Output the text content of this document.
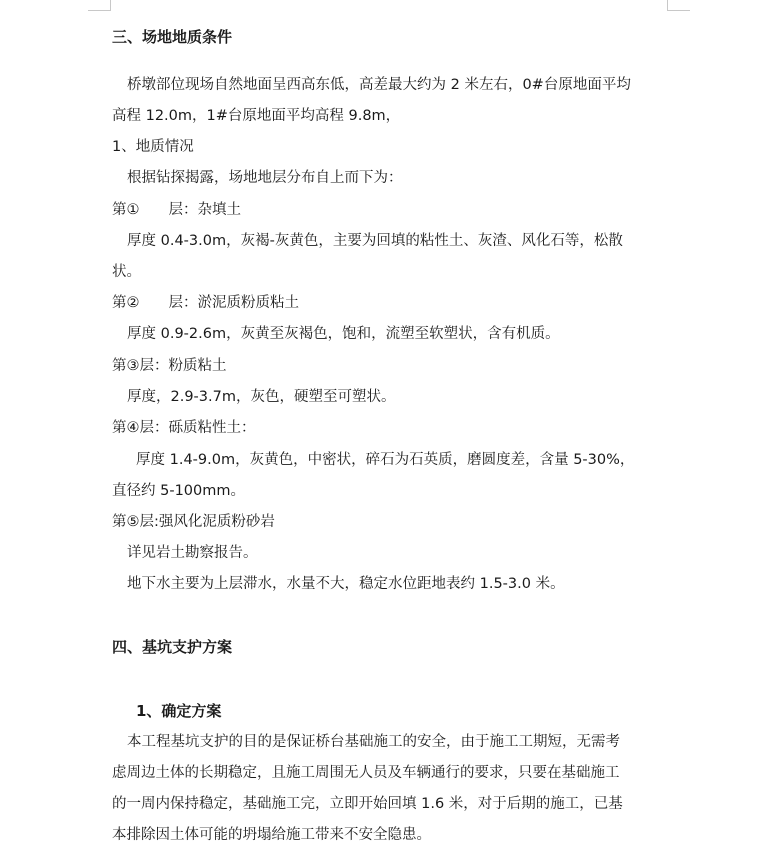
三、场地地质条件
桥墩部位现场自然地面呈西高东低，高差最大约为 2 米左右，0#台原地面平均
高程 12.0m，1#台原地面平均高程 9.8m，
1、地质情况
根据钻探揭露，场地地层分布自上而下为：
第①　　层：杂填土
厚度 0.4-3.0m，灰褐-灰黄色，主要为回填的粘性土、灰渣、风化石等，松散
状。
第②　　层：淤泥质粉质粘土
厚度 0.9-2.6m，灰黄至灰褐色，饱和，流塑至软塑状，含有机质。
第③层：粉质粘土
厚度，2.9-3.7m，灰色，硬塑至可塑状。
第④层：砾质粘性土：
厚度 1.4-9.0m，灰黄色，中密状，碎石为石英质，磨圆度差，含量 5-30%，
直径约 5-100mm。
第⑤层:强风化泥质粉砂岩
详见岩土勘察报告。
地下水主要为上层滞水，水量不大，稳定水位距地表约 1.5-3.0 米。
四、基坑支护方案
1、确定方案
本工程基坑支护的目的是保证桥台基础施工的安全，由于施工工期短，无需考
虑周边土体的长期稳定，且施工周围无人员及车辆通行的要求，只要在基础施工
的一周内保持稳定，基础施工完，立即开始回填 1.6 米，对于后期的施工，已基
本排除因土体可能的坍塌给施工带来不安全隐患。
